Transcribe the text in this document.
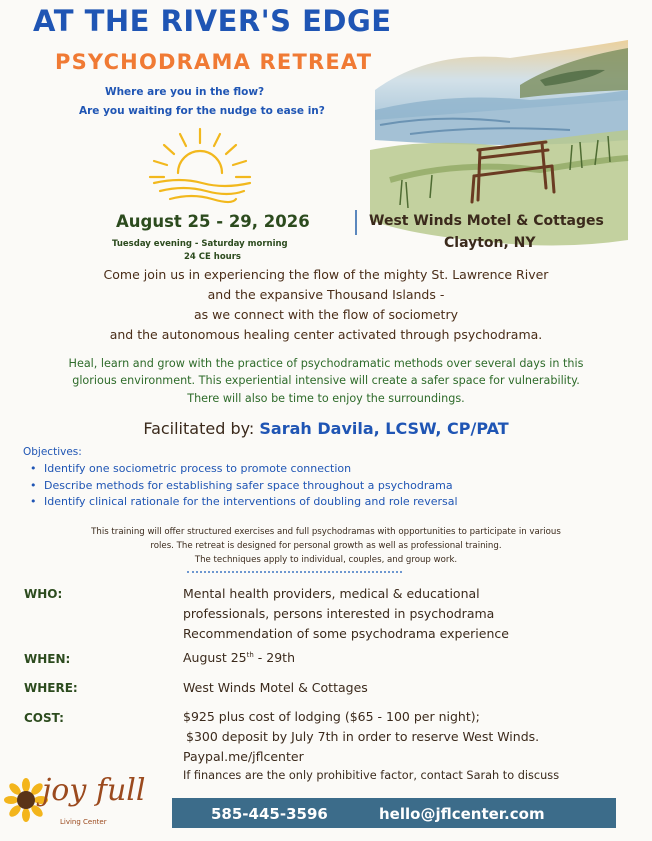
AT THE RIVER'S EDGE
PSYCHODRAMA RETREAT
Where are you in the flow?
Are you waiting for the nudge to ease in?
August 25 - 29, 2026
Tuesday evening - Saturday morning
24 CE hours
West Winds Motel & Cottages
Clayton, NY
Come join us in experiencing the flow of the mighty St. Lawrence River
and the expansive Thousand Islands -
as we connect with the flow of sociometry
and the autonomous healing center activated through psychodrama.
Heal, learn and grow with the practice of psychodramatic methods over several days in this
glorious environment. This experiential intensive will create a safer space for vulnerability.
There will also be time to enjoy the surroundings.
Facilitated by: Sarah Davila, LCSW, CP/PAT
Objectives:
• Identify one sociometric process to promote connection
• Describe methods for establishing safer space throughout a psychodrama
• Identify clinical rationale for the interventions of doubling and role reversal
This training will offer structured exercises and full psychodramas with opportunities to participate in various
roles. The retreat is designed for personal growth as well as professional training.
The techniques apply to individual, couples, and group work.
WHO:	Mental health providers, medical & educational
professionals, persons interested in psychodrama
Recommendation of some psychodrama experience
WHEN:	August 25th - 29th
WHERE:	West Winds Motel & Cottages
COST:	$925 plus cost of lodging ($65 - 100 per night);
$300 deposit by July 7th in order to reserve West Winds.
Paypal.me/jflcenter
If finances are the only prohibitive factor, contact Sarah to discuss
joy full
Living Center	585-445-3596	hello@jflcenter.com
